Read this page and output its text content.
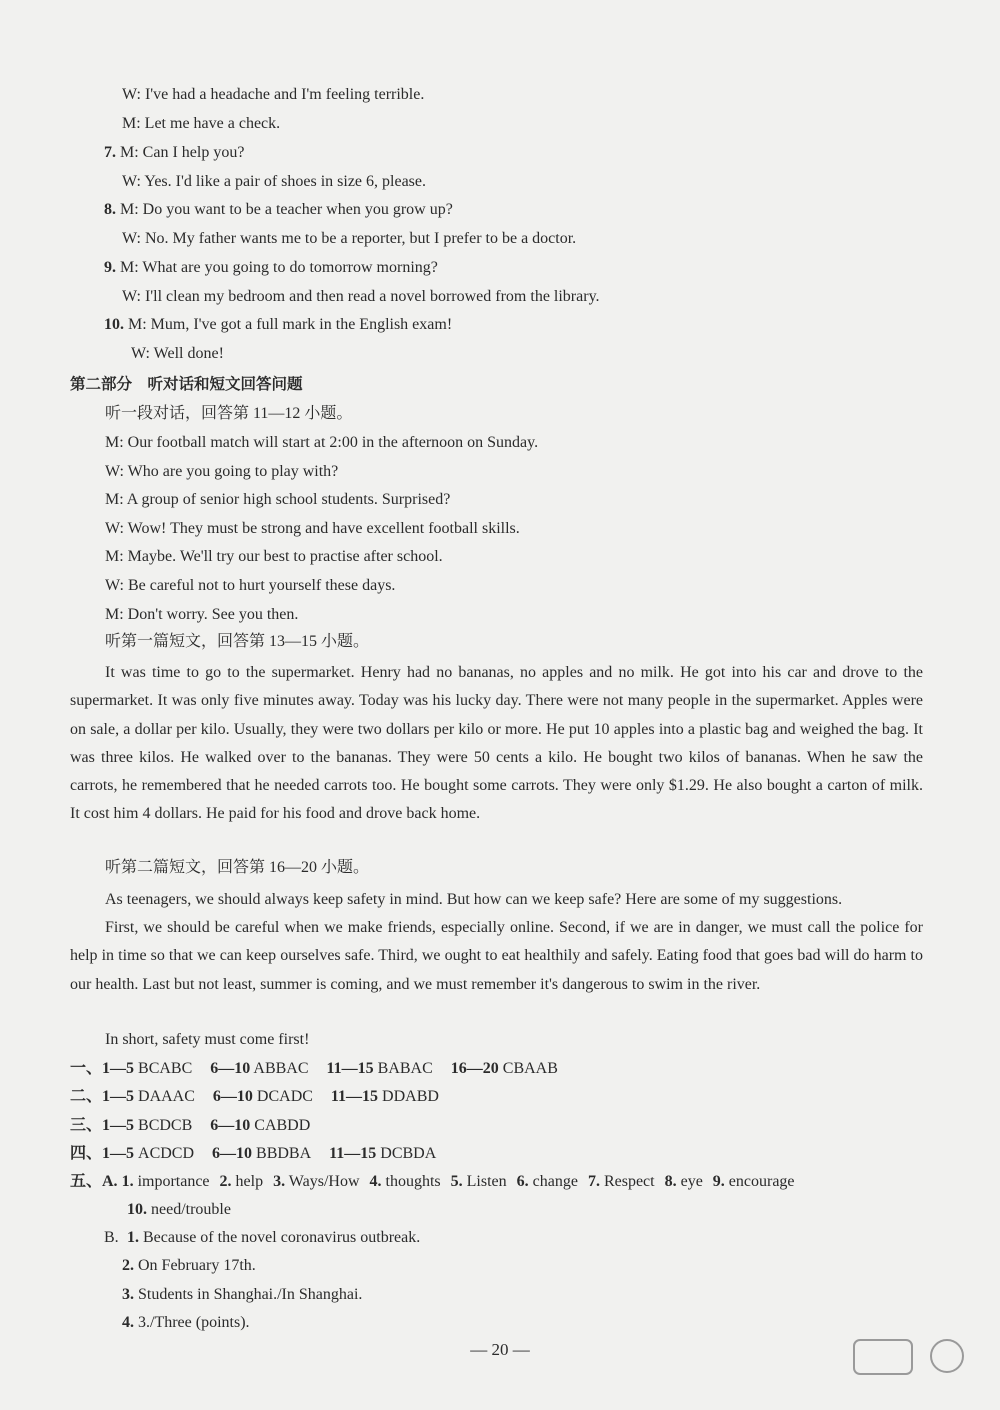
W: I've had a headache and I'm feeling terrible.
M: Let me have a check.
7. M: Can I help you?
W: Yes. I'd like a pair of shoes in size 6, please.
8. M: Do you want to be a teacher when you grow up?
W: No. My father wants me to be a reporter, but I prefer to be a doctor.
9. M: What are you going to do tomorrow morning?
W: I'll clean my bedroom and then read a novel borrowed from the library.
10. M: Mum, I've got a full mark in the English exam!
W: Well done!
第二部分　听对话和短文回答问题
听一段对话，回答第 11—12 小题。
M: Our football match will start at 2:00 in the afternoon on Sunday.
W: Who are you going to play with?
M: A group of senior high school students. Surprised?
W: Wow! They must be strong and have excellent football skills.
M: Maybe. We'll try our best to practise after school.
W: Be careful not to hurt yourself these days.
M: Don't worry. See you then.
听第一篇短文，回答第 13—15 小题。
It was time to go to the supermarket. Henry had no bananas, no apples and no milk. He got into his car and drove to the supermarket. It was only five minutes away. Today was his lucky day. There were not many people in the supermarket. Apples were on sale, a dollar per kilo. Usually, they were two dollars per kilo or more. He put 10 apples into a plastic bag and weighed the bag. It was three kilos. He walked over to the bananas. They were 50 cents a kilo. He bought two kilos of bananas. When he saw the carrots, he remembered that he needed carrots too. He bought some carrots. They were only $1.29. He also bought a carton of milk. It cost him 4 dollars. He paid for his food and drove back home.
听第二篇短文，回答第 16—20 小题。
As teenagers, we should always keep safety in mind. But how can we keep safe? Here are some of my suggestions.
First, we should be careful when we make friends, especially online. Second, if we are in danger, we must call the police for help in time so that we can keep ourselves safe. Third, we ought to eat healthily and safely. Eating food that goes bad will do harm to our health. Last but not least, summer is coming, and we must remember it's dangerous to swim in the river.
In short, safety must come first!
一、1—5 BCABC 6—10 ABBAC 11—15 BABAC 16—20 CBAAB
二、1—5 DAAAC 6—10 DCADC 11—15 DDABD
三、1—5 BCDCB 6—10 CABDD
四、1—5 ACDCD 6—10 BBDBA 11—15 DCBDA
五、A. 1. importance 2. help 3. Ways/How 4. thoughts 5. Listen 6. change 7. Respect 8. eye 9. encourage
10. need/trouble
B. 1. Because of the novel coronavirus outbreak.
2. On February 17th.
3. Students in Shanghai./In Shanghai.
4. 3./Three (points).
— 20 —
